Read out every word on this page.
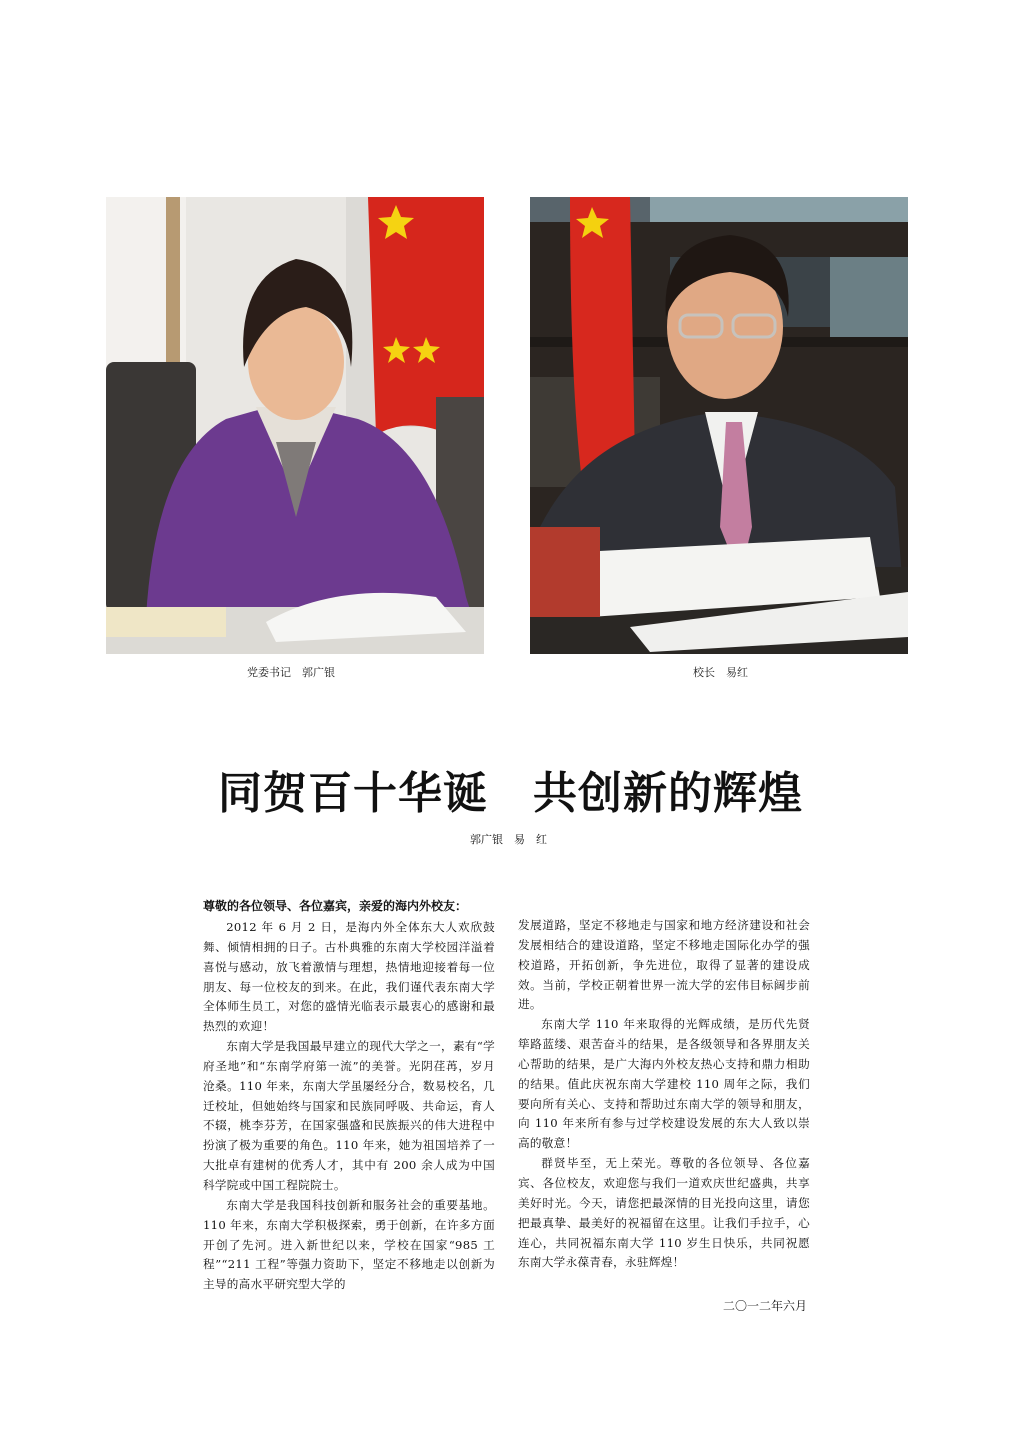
党委书记　郭广银	校长　易红
同贺百十华诞　共创新的辉煌
郭广银　易　红
尊敬的各位领导、各位嘉宾，亲爱的海内外校友：

2012 年 6 月 2 日，是海内外全体东大人欢欣鼓舞、倾情相拥的日子。古朴典雅的东南大学校园洋溢着喜悦与感动，放飞着激情与理想，热情地迎接着每一位朋友、每一位校友的到来。在此，我们谨代表东南大学全体师生员工，对您的盛情光临表示最衷心的感谢和最热烈的欢迎！

东南大学是我国最早建立的现代大学之一，素有“学府圣地”和“东南学府第一流”的美誉。光阴荏苒，岁月沧桑。110 年来，东南大学虽屡经分合，数易校名，几迁校址，但她始终与国家和民族同呼吸、共命运，育人不辍，桃李芬芳，在国家强盛和民族振兴的伟大进程中扮演了极为重要的角色。110 年来，她为祖国培养了一大批卓有建树的优秀人才，其中有 200 余人成为中国科学院或中国工程院院士。

东南大学是我国科技创新和服务社会的重要基地。110 年来，东南大学积极探索，勇于创新，在许多方面开创了先河。进入新世纪以来，学校在国家“985 工程”“211 工程”等强力资助下，坚定不移地走以创新为主导的高水平研究型大学的

发展道路，坚定不移地走与国家和地方经济建设和社会发展相结合的建设道路，坚定不移地走国际化办学的强校道路，开拓创新，争先进位，取得了显著的建设成效。当前，学校正朝着世界一流大学的宏伟目标阔步前进。

东南大学 110 年来取得的光辉成绩，是历代先贤筚路蓝缕、艰苦奋斗的结果，是各级领导和各界朋友关心帮助的结果，是广大海内外校友热心支持和鼎力相助的结果。值此庆祝东南大学建校 110 周年之际，我们要向所有关心、支持和帮助过东南大学的领导和朋友，向 110 年来所有参与过学校建设发展的东大人致以崇高的敬意！

群贤毕至，无上荣光。尊敬的各位领导、各位嘉宾、各位校友，欢迎您与我们一道欢庆世纪盛典，共享美好时光。今天，请您把最深情的目光投向这里，请您把最真挚、最美好的祝福留在这里。让我们手拉手，心连心，共同祝福东南大学 110 岁生日快乐，共同祝愿东南大学永葆青春，永驻辉煌！

二〇一二年六月
